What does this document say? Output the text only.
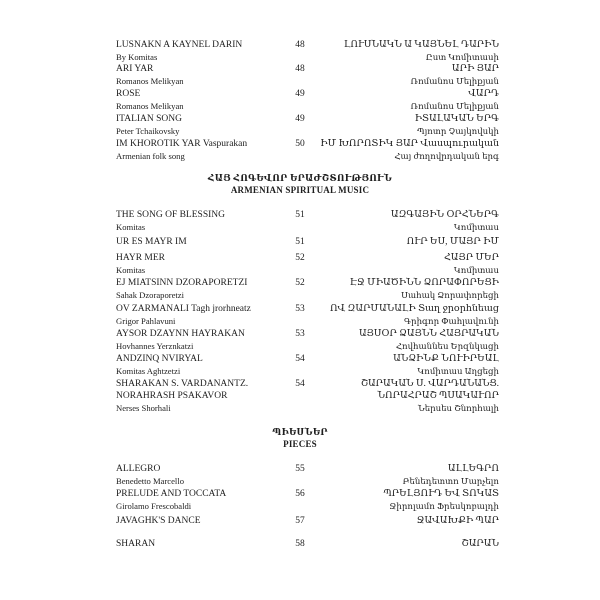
LUSNAKN A KAYNEL DARIN	48	ԼՈՒՍՆԱԿՆ Ա ԿԱՅՆԵԼ ԴԱՐԻՆ
By Komitas	Ըստ Կոմիտասի
ARI YAR	48	ԱՐԻ ՅԱՐ
Romanos Melikyan	Ռոմանոս Մելիքյան
ROSE	49	ՎԱՐԴ
Romanos Melikyan	Ռոմանոս Մելիքյան
ITALIAN SONG	49	ԻՏԱԼԱԿԱՆ ԵՐԳ
Peter Tchaikovsky	Պյոտր Չայկովսկի
IM KHOROTIK YAR Vaspurakan	50	ԻՄ ԽՈՐՈՏԻԿ ՅԱՐ Վասպուրական
Armenian folk song	Հայ ժողովրդական երգ
ՀԱՅ ՀՈԳԵՎՈՐ ԵՐԱԺՇՏՈՒԹՅՈՒՆ
ARMENIAN SPIRITUAL MUSIC
THE SONG OF BLESSING	51	ԱԶԳԱՅԻՆ ՕՐՀՆԵՐԳ
Komitas	Կոմիտաս
UR ES MAYR IM	51	ՈՒՐ ԵՍ, ՄԱՅՐ ԻՄ
HAYR MER	52	ՀԱՅՐ ՄԵՐ
Komitas	Կոմիտաս
EJ MIATSINN DZORAPORETZI	52	ԷՋ ՄԻԱԾԻՆՆ ՁՈՐԱՓՈՐԵՑԻ
Sahak Dzoraporetzi	Սահակ Ձորափորեցի
OV ZARMANALI Tagh jrorhneatz	53	ՈՎ ԶԱՐՄԱՆԱԼԻ Տաղ ջրօրհնեաց
Grigor Pahlavuni	Գրիգոր Փահլավունի
AYSOR DZAYNN HAYRAKAN	53	ԱՅՍՕՐ ՁԱՅՆՆ ՀԱՅՐԱԿԱՆ
Hovhannes Yerznkatzi	Հովհաննես Երզնկացի
ANDZINQ NVIRYAL	54	ԱՆՁԻՆՔ ՆՈՒԻՐԵԱԼ
Komitas Aghtzetzi	Կոմիտաս Աղցեցի
SHARAKAN S. VARDANANTZ.	54	ՇԱՐԱԿԱՆ Ս. ՎԱՐԴԱՆԱՆՑ.
NORAHRASH PSAKAVOR	ՆՈՐԱՀՐԱՇ ՊՍԱԿԱՒՈՐ
Nerses Shorhali	Ներսես Շնորհալի
ՊԻԵՍՆԵՐ
PIECES
ALLEGRO	55	ԱԼԼԵԳՐՈ
Benedetto Marcello	Բենեդետտո Մարչելո
PRELUDE AND TOCCATA	56	ՊՐԵԼՅՈՒԴ ԵՎ ՏՈԿԱՏ
Girolamo Frescobaldi	Ջիրոլամո Ֆրեսկոբալդի
JAVAGHK'S DANCE	57	ՋԱՎԱԽՔԻ ՊԱՐ
SHARAN	58	ՇԱՐԱՆ
